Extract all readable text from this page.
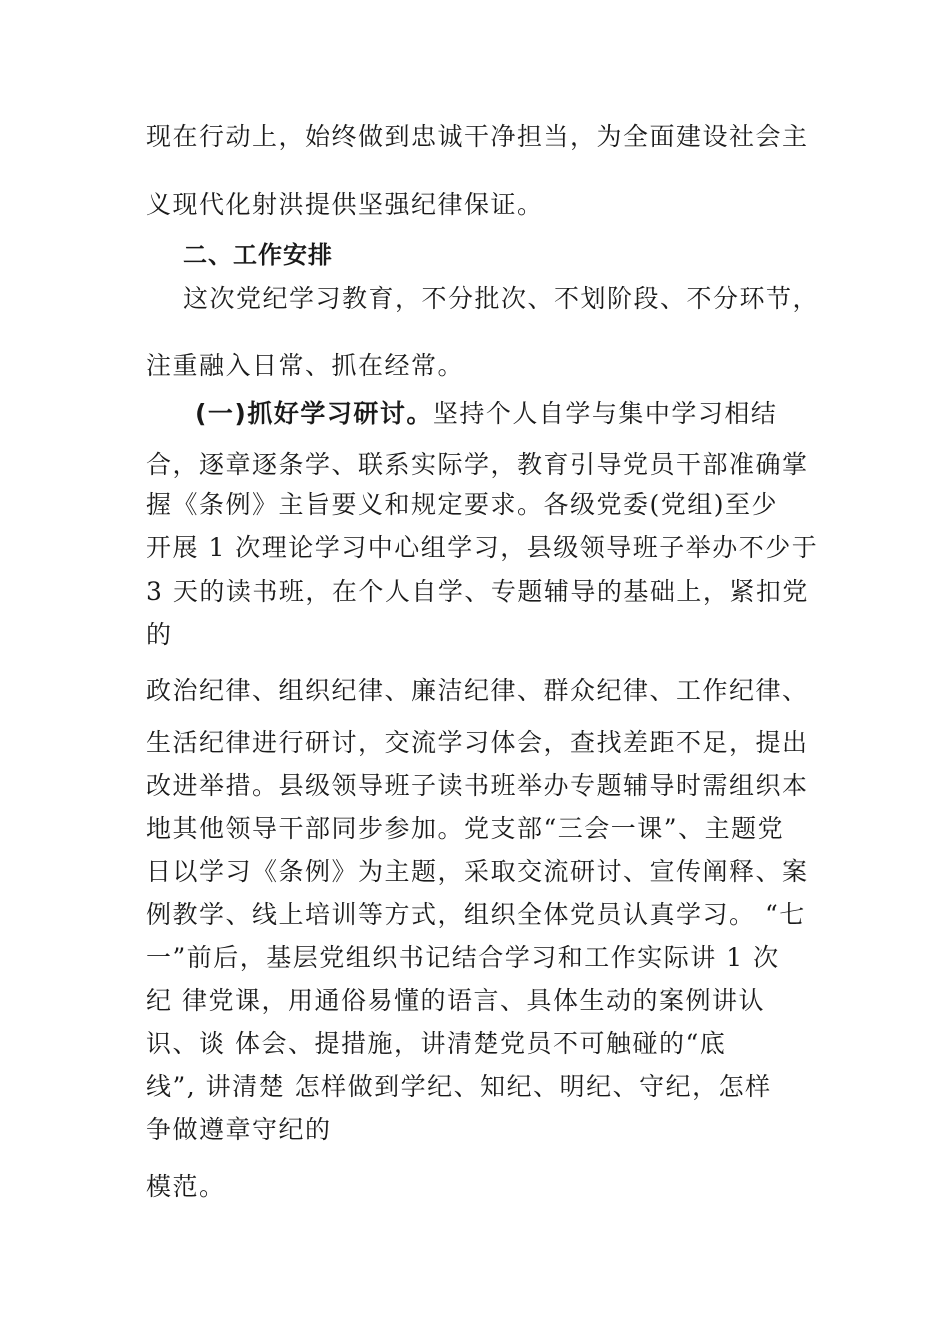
现在行动上，始终做到忠诚干净担当，为全面建设社会主
义现代化射洪提供坚强纪律保证。
二、工作安排
这次党纪学习教育，不分批次、不划阶段、不分环节，
注重融入日常、抓在经常。
(一)抓好学习研讨。坚持个人自学与集中学习相结
合，逐章逐条学、联系实际学，教育引导党员干部准确掌
握《条例》主旨要义和规定要求。各级党委(党组)至少
开展 1 次理论学习中心组学习，县级领导班子举办不少于
3 天的读书班，在个人自学、专题辅导的基础上，紧扣党
的
政治纪律、组织纪律、廉洁纪律、群众纪律、工作纪律、
生活纪律进行研讨，交流学习体会，查找差距不足，提出
改进举措。县级领导班子读书班举办专题辅导时需组织本
地其他领导干部同步参加。党支部“三会一课”、主题党
日以学习《条例》为主题，采取交流研讨、宣传阐释、案
例教学、线上培训等方式，组织全体党员认真学习。 “七
一”前后，基层党组织书记结合学习和工作实际讲 1 次
纪 律党课，用通俗易懂的语言、具体生动的案例讲认
识、谈 体会、提措施，讲清楚党员不可触碰的“底
线”, 讲清楚 怎样做到学纪、知纪、明纪、守纪，怎样
争做遵章守纪的
模范。
